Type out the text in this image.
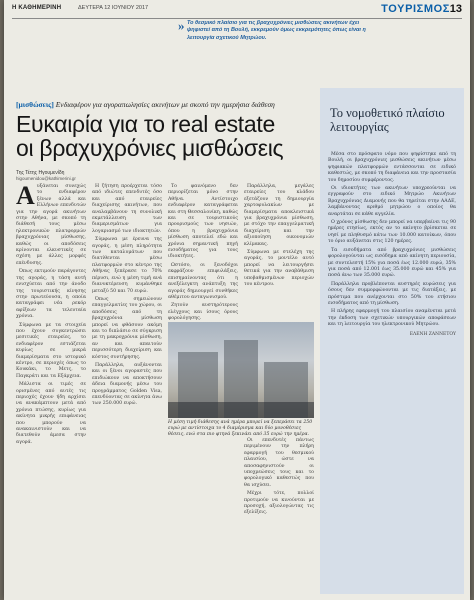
Η ΚΑΘΗΜΕΡΙΝΗ	ΔΕΥΤΕΡΑ 12 ΙΟΥΝΙΟΥ 2017	ΤΟΥΡΙΣΜΟΣ 13
» Το θεσμικό πλαίσιο για τις βραχυχρόνιες μισθώσεις ακινήτων έχει ψηφιστεί από τη Βουλή, εκκρεμούν όμως εκκρεμότητες όπως είναι η λειτουργία σχετικού Μητρώου.
[μισθώσεις] Ενδιαφέρον για αγοραπωλησίες ακινήτων με σκοπό την ημερήσια διάθεση
Ευκαιρία για το real estate
οι βραχυχρόνιες μισθώσεις
Της Τέτης Ηγουμενίδη
higoumenidou@kathimerini.gr
Α υξάνεται συνεχώς το ενδιαφέρον ξένων αλλά και Ελλήνων επενδυτών για την αγορά ακινήτων στην Αθήνα, με σκοπό τη διάθεσή τους μέσω ηλεκτρονικών πλατφορμών βραχυχρόνιας μίσθωσης, καθώς οι αποδόσεις κρίνονται ελκυστικές σε σχέση με άλλες μορφές επένδυσης.

Όπως εκτιμούν παράγοντες της αγοράς, η τάση αυτή ενισχύεται από την άνοδο της τουριστικής κίνησης στην πρωτεύουσα, η οποία καταγράφει νέα ρεκόρ αφίξεων τα τελευταία χρόνια.

Σύμφωνα με τα στοιχεία που έχουν συγκεντρώσει μεσιτικές εταιρείες, το ενδιαφέρον εστιάζεται κυρίως σε μικρά διαμερίσματα στο ιστορικό κέντρο, σε περιοχές όπως το Κουκάκι, το Μετς, το Παγκράτι και τα Εξάρχεια.

Μάλιστα οι τιμές σε ορισμένες από αυτές τις περιοχές έχουν ήδη αρχίσει να ανακάμπτουν μετά από χρόνια πτώσης, κυρίως για ακίνητα μικρής επιφάνειας που μπορούν να ανακαινιστούν και να διατεθούν άμεσα στην αγορά.

Η ζήτηση προέρχεται τόσο από ιδιώτες επενδυτές όσο και από εταιρείες διαχείρισης ακινήτων, που αναλαμβάνουν τη συνολική εκμετάλλευση των διαμερισμάτων για λογαριασμό των ιδιοκτητών.

Σύμφωνα με έρευνα της αγοράς, η μέση πληρότητα των καταλυμάτων που διατίθενται μέσω πλατφορμών στο κέντρο της Αθήνας ξεπέρασε το 70% πέρυσι, ενώ η μέση τιμή ανά διανυκτέρευση κυμάνθηκε μεταξύ 50 και 70 ευρώ.

Όπως σημειώνουν επαγγελματίες του χώρου, οι αποδόσεις από τη βραχυχρόνια μίσθωση μπορεί να φθάσουν ακόμη και το διπλάσιο σε σύγκριση με τη μακροχρόνια μίσθωση, αν και απαιτούν περισσότερη διαχείριση και κόστος συντήρησης.

Παράλληλα, αυξάνονται και οι ξένοι αγοραστές που επιδιώκουν να αποκτήσουν άδεια διαμονής μέσω του προγράμματος Golden Visa, επενδύοντας σε ακίνητα άνω των 250.000 ευρώ.

Το φαινόμενο δεν περιορίζεται μόνο στην Αθήνα. Αντίστοιχο ενδιαφέρον καταγράφεται και στη Θεσσαλονίκη, καθώς και σε τουριστικούς προορισμούς των νησιών, όπου η βραχυχρόνια μίσθωση αποτελεί εδώ και χρόνια σημαντική πηγή εισοδήματος για τους ιδιοκτήτες.

Ωστόσο, οι ξενοδόχοι εκφράζουν επιφυλάξεις, επισημαίνοντας ότι η ανεξέλεγκτη ανάπτυξη της αγοράς δημιουργεί συνθήκες αθέμιτου ανταγωνισμού.

Ζητούν αυστηρότερους ελέγχους και ίσους όρους φορολόγησης.

Η μέση τιμή διάθεσης ανά ημέρα μπορεί να ξεπεράσει τα 250 ευρώ με αντίστοιχα το 4 διαμέρισμα και δύο μονοθέσιες θέσεις, ενώ στα πιο φτηνά ξεκινάει από 35 ευρώ την ημέρα.

Παράλληλα, μεγάλες εταιρείες του κλάδου εξετάζουν τη δημιουργία χαρτοφυλακίων με διαμερίσματα αποκλειστικά για βραχυχρόνια μίσθωση, με στόχο την επαγγελματική διαχείριση και την αξιοποίηση οικονομιών κλίμακας.

Σύμφωνα με στελέχη της αγοράς, το μοντέλο αυτό μπορεί να λειτουργήσει θετικά για την αναβάθμιση υποβαθμισμένων περιοχών του κέντρου.

Οι επενδυτές πάντως περιμένουν την πλήρη εφαρμογή του θεσμικού πλαισίου, ώστε να αποσαφηνιστούν οι υποχρεώσεις τους και το φορολογικό καθεστώς που θα ισχύσει.

Μέχρι τότε, πολλοί προτιμούν να κινούνται με προσοχή, αξιολογώντας τις εξελίξεις.

Το νομοθετικό πλαίσιο λειτουργίας

Μέσα στο πρόσφατο νόμο που ψηφίστηκε από τη Βουλή, οι βραχυχρόνιες μισθώσεις ακινήτων μέσω ψηφιακών πλατφορμών εντάσσονται σε ειδικό καθεστώς, με σκοπό τη διαφάνεια και την προστασία του δημοσίου συμφέροντος.

Οι ιδιοκτήτες των ακινήτων υποχρεούνται να εγγραφούν στο ειδικό Μητρώο Ακινήτων Βραχυχρόνιας Διαμονής που θα τηρείται στην ΑΑΔΕ, λαμβάνοντας αριθμό μητρώου ο οποίος θα αναρτάται σε κάθε αγγελία.

Ο χρόνος μίσθωσης δεν μπορεί να υπερβαίνει τις 90 ημέρες ετησίως, εκτός αν το ακίνητο βρίσκεται σε νησί με πληθυσμό κάτω των 10.000 κατοίκων, όπου το όριο αυξάνεται στις 120 ημέρες.

Τα εισοδήματα από βραχυχρόνιες μισθώσεις φορολογούνται ως εισόδημα από ακίνητη περιουσία, με συντελεστή 15% για ποσά έως 12.000 ευρώ, 35% για ποσά από 12.001 έως 35.000 ευρώ και 45% για ποσά άνω των 35.000 ευρώ.

Παράλληλα προβλέπονται αυστηρές κυρώσεις για όσους δεν συμμορφώνονται με τις διατάξεις, με πρόστιμα που ανέρχονται στο 50% του ετήσιου εισοδήματος από τη μίσθωση.

Η πλήρης εφαρμογή του πλαισίου αναμένεται μετά την έκδοση των σχετικών υπουργικών αποφάσεων και τη λειτουργία του ηλεκτρονικού Μητρώου.

ΕΛΕΝΗ ΖΑΝΝΕΤΟΥ
